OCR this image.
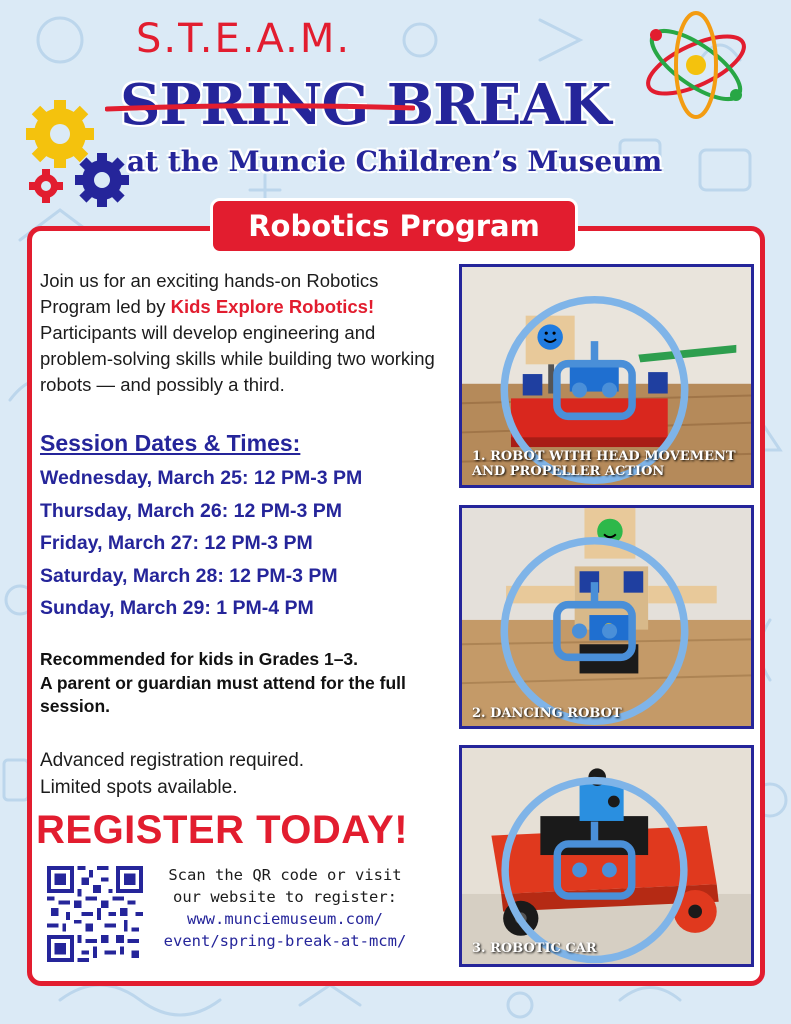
S.T.E.A.M.
SPRING BREAK
at the Muncie Children’s Museum
Robotics Program
Join us for an exciting hands-on Robotics Program led by Kids Explore Robotics! Participants will develop engineering and problem-solving skills while building two working robots — and possibly a third.
Session Dates & Times:
Wednesday, March 25: 12 PM-3 PM
Thursday, March 26: 12 PM-3 PM
Friday, March 27: 12 PM-3 PM
Saturday, March 28: 12 PM-3 PM
Sunday, March 29: 1 PM-4 PM
Recommended for kids in Grades 1–3.
A parent or guardian must attend for the full session.
Advanced registration required.
Limited spots available.
REGISTER TODAY!
Scan the QR code or visit
our website to register:
www.munciemuseum.com/
event/spring-break-at-mcm/
1. ROBOT WITH HEAD MOVEMENT
AND PROPELLER ACTION
2. DANCING ROBOT
3. ROBOTIC CAR
